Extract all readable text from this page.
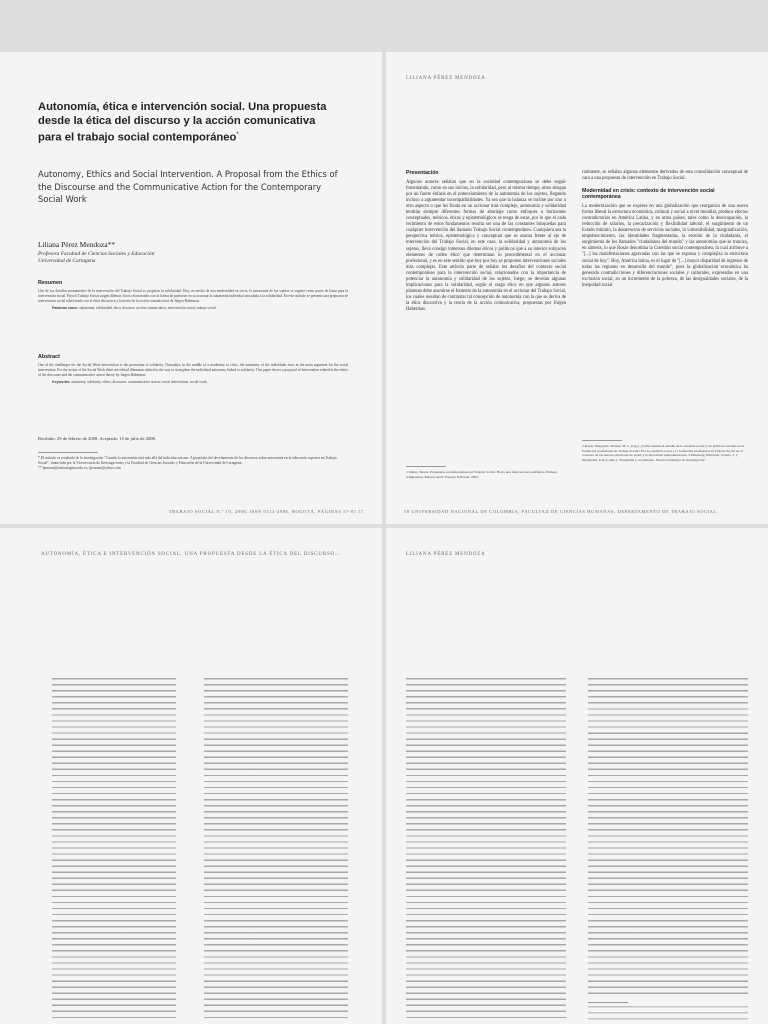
Autonomía, ética e intervención social. Una propuesta desde la ética del discurso y la acción comunicativa para el trabajo social contemporáneo*
Autonomy, Ethics and Social Intervention. A Proposal from the Ethics of the Discourse and the Communicative Action for the Contemporary Social Work
Liliana Pérez Mendoza**
Profesora Facultad de Ciencias Sociales y Educación
Universidad de Cartagena
Resumen
Uno de los desafíos permanentes de la intervención del Trabajo Social es propiciar la solidaridad. Hoy, en medio de una modernidad en crisis, la autonomía de los sujetos se sugiere como punto de lanza para la intervención social. Para el Trabajo Social surgen dilemas éticos relacionados con la forma de potenciar en su accionar la autonomía individual articulada a la solidaridad. En este artículo se presenta una propuesta de intervención social relacionada con la ética discursiva y la teoría de la acción comunicativa de Jürgen Habermas.
Palabras clave: autonomía, solidaridad, ética, discurso, acción comunicativa, intervención social, trabajo social.
Abstract
One of the challenges for the Social Work intervention is the promotion of solidarity. Nowadays, in the middle of a modernity in crisis, the autonomy of the individuals rises as the main argument for the social intervention. For the action of the Social Work there are ethical dilemmas related to the way to strengthen the individual autonomy linked to solidarity. This paper shows a proposal of intervention related to the ethics of the discourse and the communicative action theory by Jürgen Habermas.
Keywords: autonomy, solidarity, ethics, discourse, communicative action, social intervention, social work.
Recibido: 29 de febrero de 2008. Aceptado: 15 de julio de 2008.
* El artículo es resultado de la investigación "Cuando la autonomía está más allá del individuo mismo. A propósito del develamiento de los discursos sobre autonomía en la educación superior en Trabajo Social", financiada por la Vicerrectoría de Investigaciones y la Facultad de Ciencias Sociales y Educación de la Universidad de Cartagena.
** lperezm@unicartagena.edu.co, lperezm@yahoo.com
TRABAJO SOCIAL N.º 10, 2008, ISSN 0123-4986, BOGOTÁ, PÁGINAS 57-81 57
LILIANA PÉREZ MENDOZA
Presentación
Algunos autores señalan que en la sociedad contemporánea se debe seguir fomentando, como en sus inicios, la solidaridad, pero al mismo tiempo, otros abogan por un fuerte énfasis en el potenciamiento de la autonomía de los sujetos, llegando incluso a argumentar incompatibilidades. Ya sea que la balanza se incline por uno u otro aspecto o que los funda en un accionar más complejo, autonomía y solidaridad tendrán siempre diferentes formas de abordaje como enfoques u horizontes conceptuales, teóricos, éticos y epistemológicos se tenga de estas, por lo que el cada recimiento de estos fundamentos resulta ser una de las constantes búsquedas para cualquier intervención del llamado Trabajo Social contemporáneo. Cualquiera sea la perspectiva teórica, epistemológica y conceptual que se asuma frente al eje de intervención del Trabajo Social, en este caso, la solidaridad y autonomía de los sujetos, lleva consigo inmersos dilemas éticos y políticos que a su interior subyacen elementos de orden ético que determinan lo procedimental en el accionar profesional, y es en este sentido que hoy por hoy se proponen intervenciones sociales más complejas. Este artículo parte de señalar los desafíos del contexto social contemporáneo para la intervención social, relacionados con la importancia de potenciar la autonomía y solidaridad de los sujetos, luego, se develan algunas implicaciones para la solidaridad, según el rasgo ético en que algunos autores plantean debe asumirse el fomento de la autonomía en el accionar del Trabajo Social, los cuales resultan de contrastar tal concepción de autonomía con la que se deriva de la ética discursiva y la teoría de la acción comunicativa, propuestas por Jürgen Habermas.
1 Matus, Teresa. Propuestas contemporáneas del Trabajo Social. Hacia una intervención polifónica. Primera reimpresión. Buenos Aires: Espacio Editorial, 2002.
rialmente, se señalan algunos elementos derivados de esta consolidación conceptual de cara a una propuesta de intervención en Trabajo Social.
Modernidad en crisis: contexto de intervención social contemporánea
La modernización que se expresa en una globalización que reorganiza de una nueva forma liberal la estructura económica, cultural y social a nivel mundial, produce efectos contradictorios en América Latina, y en otros países, tales como la desocupación, la reducción de salarios, la precarización y flexibilidad laboral, el surgimiento de un Estado mínimo, la desatención de servicios sociales, la vulnerabilidad, marginalización, empobrecimiento, las identidades fragmentadas, la erosión de la ciudadanía, el surgimiento de los llamados "ciudadanos del mundo" y las autonomías que se truncan, en síntesis, lo que Rosas denomina la Cuestión social contemporánea, la cual atribuye a "[...] las manifestaciones agravadas con las que se expresa y complejiza la estructura social de hoy". Hoy, América latina, es el lugar de "[...] mayor disparidad de ingresos de todas las regiones en desarrollo del mundo", pues la globalización económica ha generado contradicciones y diferenciaciones sociales y culturales, expresadas en una exclusión social, en un incremento de la pobreza, de las desigualdades sociales, de la inequidad social
2 Rosas, Margarita. Molina, M. L. (org.). ¿Cómo asumir el estudio de la cuestión social y las políticas sociales en la formación profesional de Trabajo Social? En: La cuestión social y la formación profesional en Trabajo Social en el contexto de las nuevas relaciones de poder y la diversidad latinoamericana. 3 Kliksberg, Bernardo. Cepalo, J. y Netanyahu, Iván (comp.). "Inequidad y crecimiento. Nuevos hallazgos de investigación".
58 UNIVERSIDAD NACIONAL DE COLOMBIA, FACULTAD DE CIENCIAS HUMANAS, DEPARTAMENTO DE TRABAJO SOCIAL
AUTONOMÍA, ÉTICA E INTERVENCIÓN SOCIAL. UNA PROPUESTA DESDE LA ÉTICA DEL DISCURSO...	LILIANA PÉREZ MENDOZA
